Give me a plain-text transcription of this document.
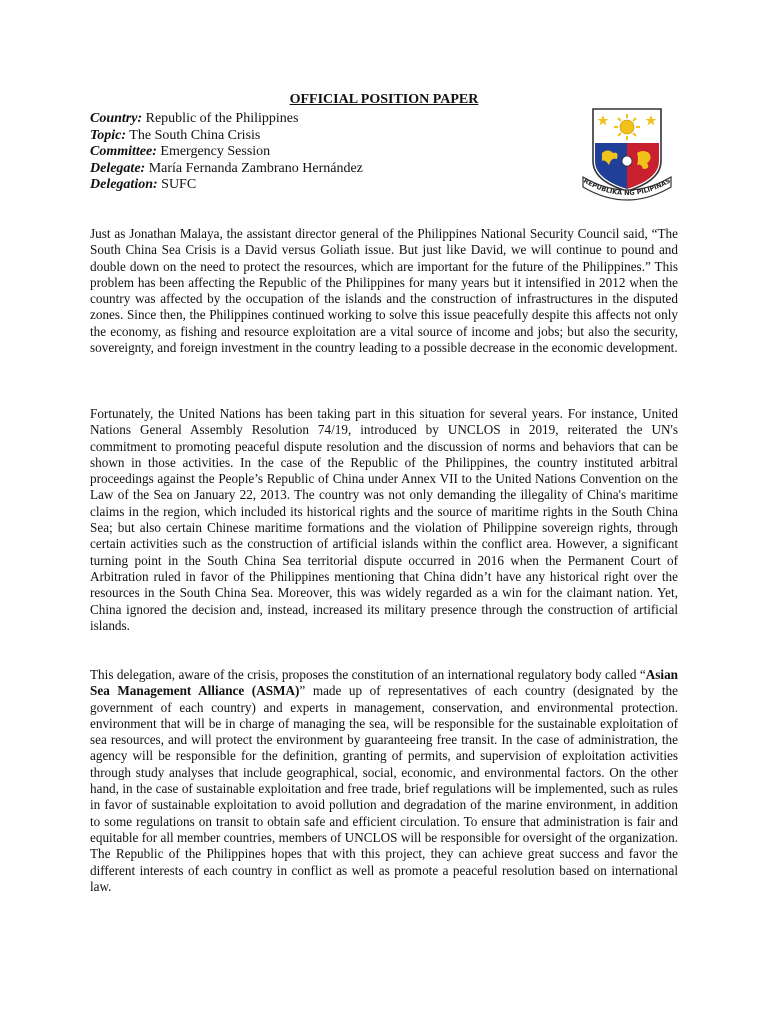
OFFICIAL POSITION PAPER
Country: Republic of the Philippines
Topic: The South China Crisis
Committee: Emergency Session
Delegate: María Fernanda Zambrano Hernández
Delegation: SUFC	REPUBLIKA NG PILIPINAS

Just as Jonathan Malaya, the assistant director general of the Philippines National Security Council said, “The South China Sea Crisis is a David versus Goliath issue. But just like David, we will continue to pound and double down on the need to protect the resources, which are important for the future of the Philippines.” This problem has been affecting the Republic of the Philippines for many years but it intensified in 2012 when the country was affected by the occupation of the islands and the construction of infrastructures in the disputed zones. Since then, the Philippines continued working to solve this issue peacefully despite this affects not only the economy, as fishing and resource exploitation are a vital source of income and jobs; but also the security, sovereignty, and foreign investment in the country leading to a possible decrease in the economic development.

Fortunately, the United Nations has been taking part in this situation for several years. For instance, United Nations General Assembly Resolution 74/19, introduced by UNCLOS in 2019, reiterated the UN's commitment to promoting peaceful dispute resolution and the discussion of norms and behaviors that can be shown in those activities. In the case of the Republic of the Philippines, the country instituted arbitral proceedings against the People’s Republic of China under Annex VII to the United Nations Convention on the Law of the Sea on January 22, 2013. The country was not only demanding the illegality of China's maritime claims in the region, which included its historical rights and the source of maritime rights in the South China Sea; but also certain Chinese maritime formations and the violation of Philippine sovereign rights, through certain activities such as the construction of artificial islands within the conflict area. However, a significant turning point in the South China Sea territorial dispute occurred in 2016 when the Permanent Court of Arbitration ruled in favor of the Philippines mentioning that China didn’t have any historical right over the resources in the South China Sea. Moreover, this was widely regarded as a win for the claimant nation. Yet, China ignored the decision and, instead, increased its military presence through the construction of artificial islands.

This delegation, aware of the crisis, proposes the constitution of an international regulatory body called “Asian Sea Management Alliance (ASMA)” made up of representatives of each country (designated by the government of each country) and experts in management, conservation, and environmental protection. environment that will be in charge of managing the sea, will be responsible for the sustainable exploitation of sea resources, and will protect the environment by guaranteeing free transit. In the case of administration, the agency will be responsible for the definition, granting of permits, and supervision of exploitation activities through study analyses that include geographical, social, economic, and environmental factors. On the other hand, in the case of sustainable exploitation and free trade, brief regulations will be implemented, such as rules in favor of sustainable exploitation to avoid pollution and degradation of the marine environment, in addition to some regulations on transit to obtain safe and efficient circulation. To ensure that administration is fair and equitable for all member countries, members of UNCLOS will be responsible for oversight of the organization. The Republic of the Philippines hopes that with this project, they can achieve great success and favor the different interests of each country in conflict as well as promote a peaceful resolution based on international law.
